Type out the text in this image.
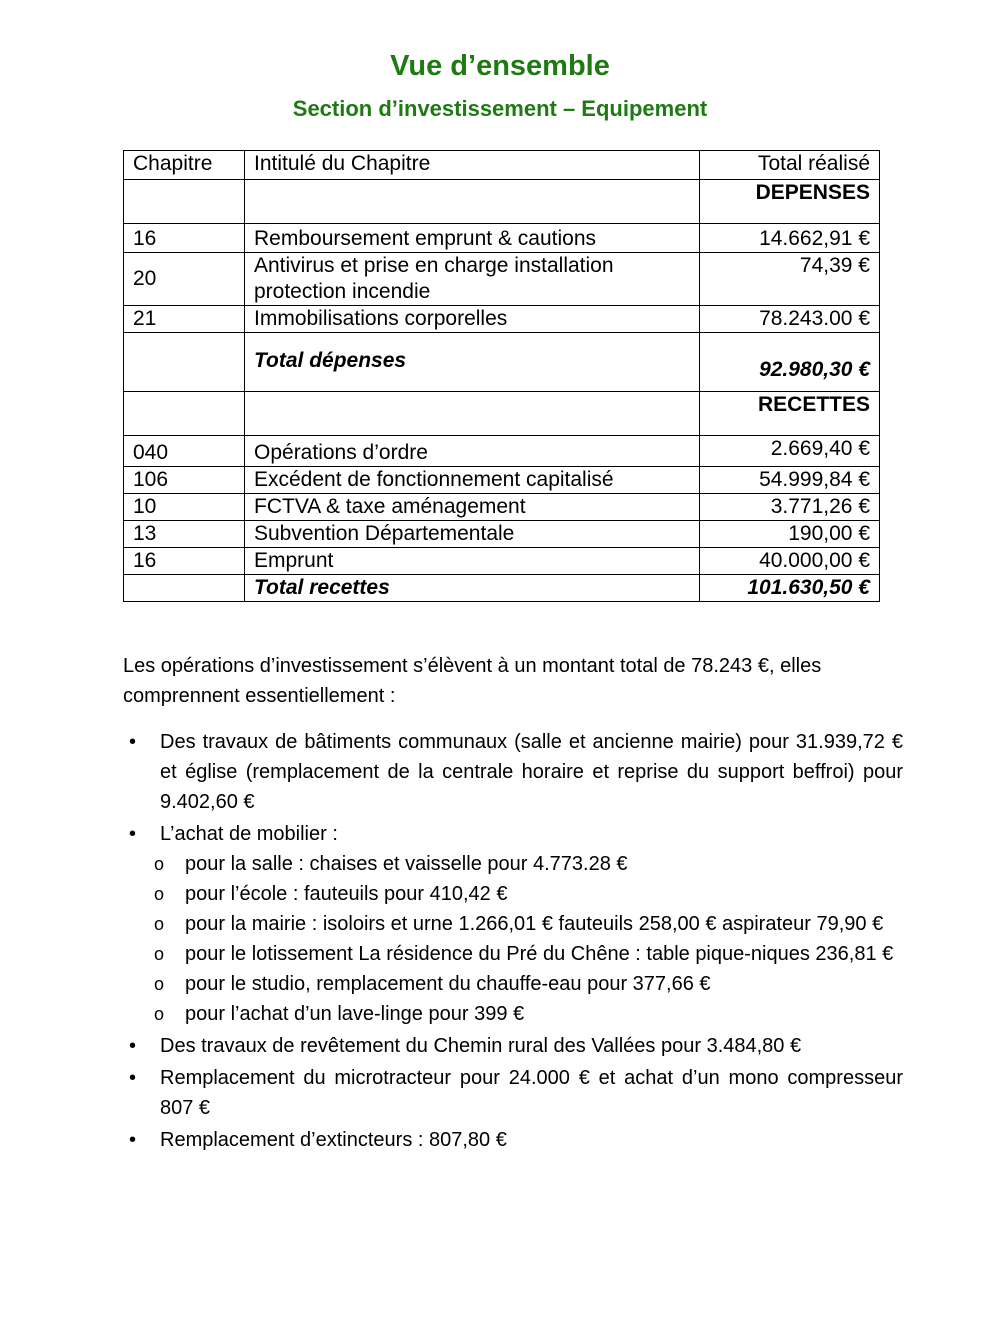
Vue d’ensemble
Section d’investissement – Equipement
Chapitre	Intitulé du Chapitre	Total réalisé
		DEPENSES
16	Remboursement emprunt & cautions	14.662,91 €
20	Antivirus et prise en charge installation protection incendie	74,39 €
21	Immobilisations corporelles	78.243.00 €
	Total dépenses	92.980,30 €
		RECETTES
040	Opérations d’ordre	2.669,40 €
106	Excédent de fonctionnement capitalisé	54.999,84 €
10	FCTVA & taxe aménagement	3.771,26 €
13	Subvention Départementale	190,00 €
16	Emprunt	40.000,00 €
	Total recettes	101.630,50 €
Les opérations d’investissement s’élèvent à un montant total de 78.243 €, elles comprennent essentiellement :
• Des travaux de bâtiments communaux (salle et ancienne mairie) pour 31.939,72 € et église (remplacement de la centrale horaire et reprise du support beffroi) pour 9.402,60 €
• L’achat de mobilier :
o pour la salle : chaises et vaisselle pour 4.773.28 €
o pour l’école : fauteuils pour 410,42 €
o pour la mairie : isoloirs et urne 1.266,01 € fauteuils 258,00 € aspirateur 79,90 €
o pour le lotissement La résidence du Pré du Chêne : table pique-niques 236,81 €
o pour le studio, remplacement du chauffe-eau pour 377,66 €
o pour l’achat d’un lave-linge pour 399 €
• Des travaux de revêtement du Chemin rural des Vallées pour 3.484,80 €
• Remplacement du microtracteur pour 24.000 € et achat d’un mono compresseur 807 €
• Remplacement d’extincteurs : 807,80 €
